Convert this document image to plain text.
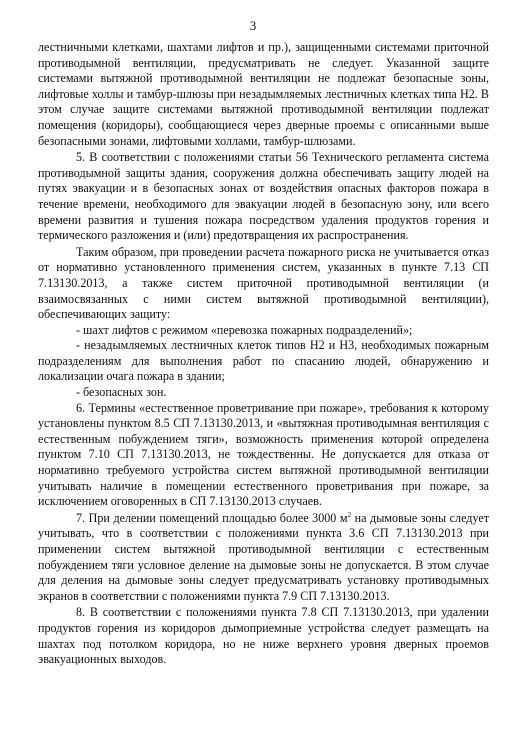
3

лестничными клетками, шахтами лифтов и пр.), защищенными системами приточной противодымной вентиляции, предусматривать не следует. Указанной защите системами вытяжной противодымной вентиляции не подлежат безопасные зоны, лифтовые холлы и тамбур-шлюзы при незадымляемых лестничных клетках типа Н2. В этом случае защите системами вытяжной противодымной вентиляции подлежат помещения (коридоры), сообщающиеся через дверные проемы с описанными выше безопасными зонами, лифтовыми холлами, тамбур-шлюзами.

5. В соответствии с положениями статьи 56 Технического регламента система противодымной защиты здания, сооружения должна обеспечивать защиту людей на путях эвакуации и в безопасных зонах от воздействия опасных факторов пожара в течение времени, необходимого для эвакуации людей в безопасную зону, или всего времени развития и тушения пожара посредством удаления продуктов горения и термического разложения и (или) предотвращения их распространения.

Таким образом, при проведении расчета пожарного риска не учитывается отказ от нормативно установленного применения систем, указанных в пункте 7.13 СП 7.13130.2013, а также систем приточной противодымной вентиляции (и взаимосвязанных с ними систем вытяжной противодымной вентиляции), обеспечивающих защиту:

- шахт лифтов с режимом «перевозка пожарных подразделений»;

- незадымляемых лестничных клеток типов Н2 и Н3, необходимых пожарным подразделениям для выполнения работ по спасанию людей, обнаружению и локализации очага пожара в здании;

- безопасных зон.

6. Термины «естественное проветривание при пожаре», требования к которому установлены пунктом 8.5 СП 7.13130.2013, и «вытяжная противодымная вентиляция с естественным побуждением тяги», возможность применения которой определена пунктом 7.10 СП 7.13130.2013, не тождественны. Не допускается для отказа от нормативно требуемого устройства систем вытяжной противодымной вентиляции учитывать наличие в помещении естественного проветривания при пожаре, за исключением оговоренных в СП 7.13130.2013 случаев.

7. При делении помещений площадью более 3000 $м^2$ на дымовые зоны следует учитывать, что в соответствии с положениями пункта 3.6 СП 7.13130.2013 при применении систем вытяжной противодымной вентиляции с естественным побуждением тяги условное деление на дымовые зоны не допускается. В этом случае для деления на дымовые зоны следует предусматривать установку противодымных экранов в соответствии с положениями пункта 7.9 СП 7.13130.2013.

8. В соответствии с положениями пункта 7.8 СП 7.13130.2013, при удалении продуктов горения из коридоров дымоприемные устройства следует размещать на шахтах под потолком коридора, но не ниже верхнего уровня дверных проемов эвакуационных выходов.
